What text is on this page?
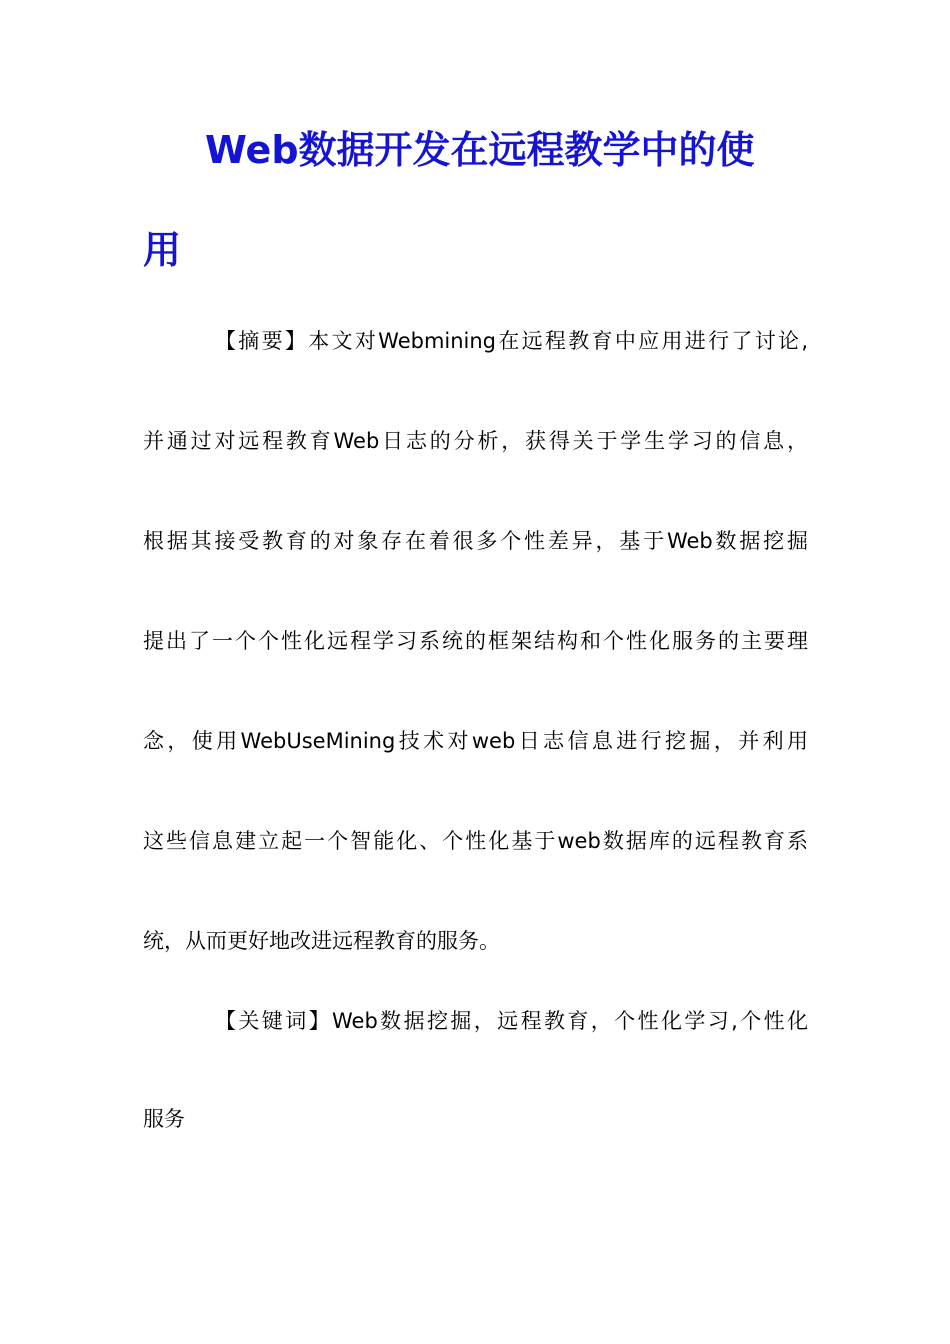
Web数据开发在远程教学中的使
用

【摘要】本文对Webmining在远程教育中应用进行了讨论,

并通过对远程教育Web日志的分析，获得关于学生学习的信息，

根据其接受教育的对象存在着很多个性差异，基于Web数据挖掘

提出了一个个性化远程学习系统的框架结构和个性化服务的主要理

念，使用WebUseMining技术对web日志信息进行挖掘，并利用

这些信息建立起一个智能化、个性化基于web数据库的远程教育系

统，从而更好地改进远程教育的服务。

【关键词】Web数据挖掘，远程教育，个性化学习,个性化

服务
